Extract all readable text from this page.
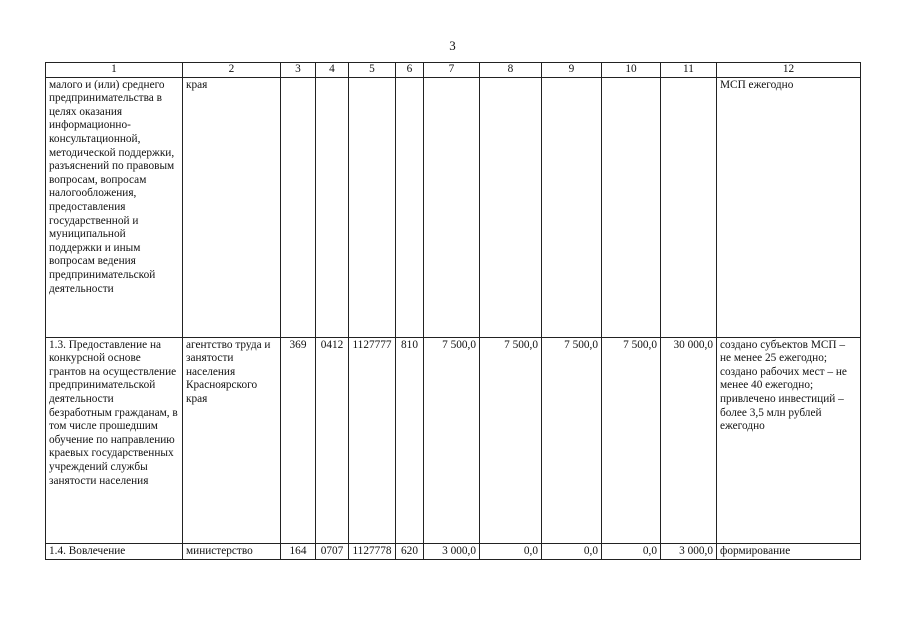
3
1	2	3	4	5	6	7	8	9	10	11	12
малого и (или) среднего предпринимательства в целях оказания информационно-консультационной, методической поддержки, разъяснений по правовым вопросам, вопросам налогообложения, предоставления государственной и муниципальной поддержки и иным вопросам ведения предпринимательской деятельности	края										МСП ежегодно
1.3. Предоставление на конкурсной основе грантов на осуществление предпринимательской деятельности безработным гражданам, в том числе прошедшим обучение по направлению краевых государственных учреждений службы занятости населения	агентство труда и занятости населения Красноярского края	369	0412	1127777	810	7 500,0	7 500,0	7 500,0	7 500,0	30 000,0	создано субъектов МСП – не менее 25 ежегодно; создано рабочих мест – не менее 40 ежегодно; привлечено инвестиций – более 3,5 млн рублей ежегодно
1.4. Вовлечение	министерство	164	0707	1127778	620	3 000,0	0,0	0,0	0,0	3 000,0	формирование
